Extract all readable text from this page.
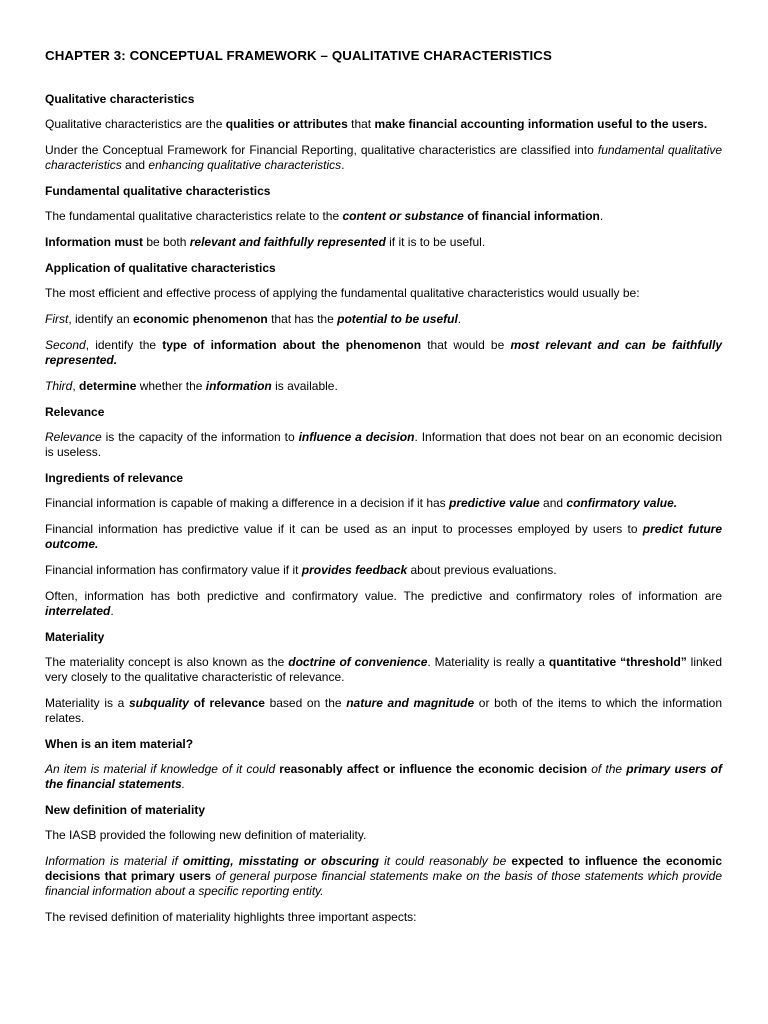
CHAPTER 3: CONCEPTUAL FRAMEWORK – QUALITATIVE CHARACTERISTICS
Qualitative characteristics
Qualitative characteristics are the qualities or attributes that make financial accounting information useful to the users.
Under the Conceptual Framework for Financial Reporting, qualitative characteristics are classified into fundamental qualitative characteristics and enhancing qualitative characteristics.
Fundamental qualitative characteristics
The fundamental qualitative characteristics relate to the content or substance of financial information.
Information must be both relevant and faithfully represented if it is to be useful.
Application of qualitative characteristics
The most efficient and effective process of applying the fundamental qualitative characteristics would usually be:
First, identify an economic phenomenon that has the potential to be useful.
Second, identify the type of information about the phenomenon that would be most relevant and can be faithfully represented.
Third, determine whether the information is available.
Relevance
Relevance is the capacity of the information to influence a decision. Information that does not bear on an economic decision is useless.
Ingredients of relevance
Financial information is capable of making a difference in a decision if it has predictive value and confirmatory value.
Financial information has predictive value if it can be used as an input to processes employed by users to predict future outcome.
Financial information has confirmatory value if it provides feedback about previous evaluations.
Often, information has both predictive and confirmatory value. The predictive and confirmatory roles of information are interrelated.
Materiality
The materiality concept is also known as the doctrine of convenience. Materiality is really a quantitative “threshold” linked very closely to the qualitative characteristic of relevance.
Materiality is a subquality of relevance based on the nature and magnitude or both of the items to which the information relates.
When is an item material?
An item is material if knowledge of it could reasonably affect or influence the economic decision of the primary users of the financial statements.
New definition of materiality
The IASB provided the following new definition of materiality.
Information is material if omitting, misstating or obscuring it could reasonably be expected to influence the economic decisions that primary users of general purpose financial statements make on the basis of those statements which provide financial information about a specific reporting entity.
The revised definition of materiality highlights three important aspects:
